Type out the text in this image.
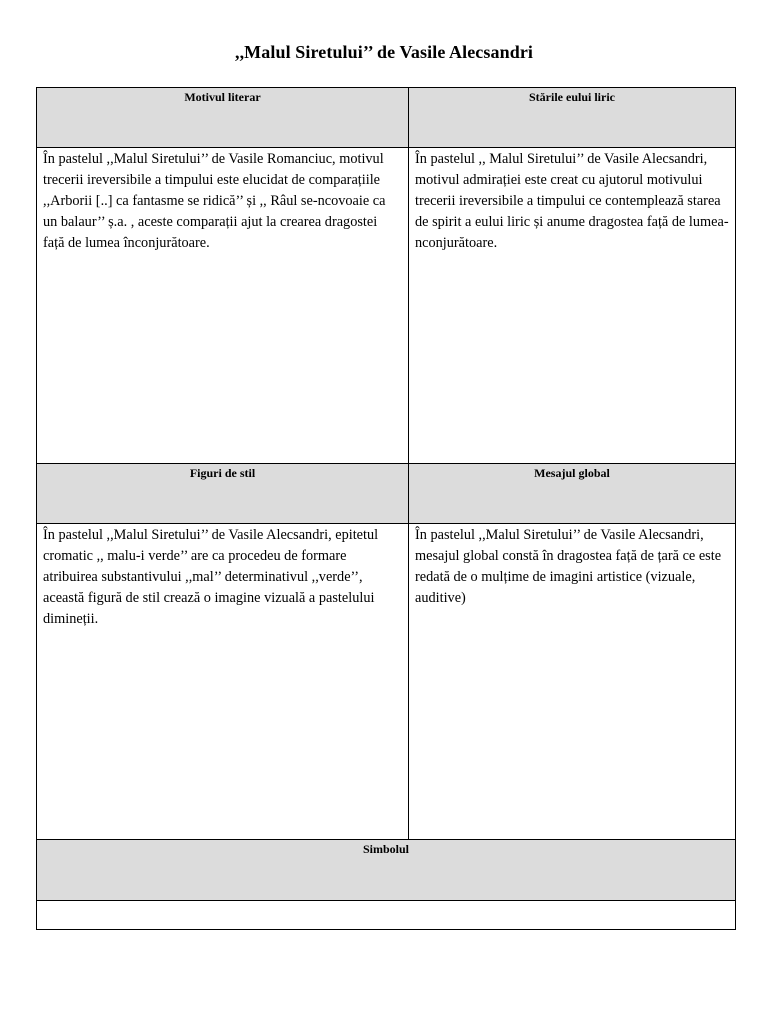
,,Malul Siretului’’ de Vasile Alecsandri
Motivul literar	Stările eului liric
În pastelul ,,Malul Siretului’’ de Vasile Romanciuc, motivul trecerii ireversibile a timpului este elucidat de comparațiile ,,Arborii [..] ca fantasme se ridică’’ și ,, Râul se-ncovoaie ca un balaur’’ ș.a. , aceste comparații ajut la crearea dragostei față de lumea înconjurătoare.
În pastelul ,, Malul Siretului’’ de Vasile Alecsandri, motivul admirației este creat cu ajutorul motivului trecerii ireversibile a timpului ce contemplează starea de spirit a eului liric și anume dragostea față de lumea-nconjurătoare.
Figuri de stil	Mesajul global
În pastelul ,,Malul Siretului’’ de Vasile Alecsandri, epitetul cromatic ,, malu-i verde’’ are ca procedeu de formare atribuirea substantivului ,,mal’’ determinativul ,,verde’’, această figură de stil crează o imagine vizuală a pastelului dimineții.
În pastelul ,,Malul Siretului’’ de Vasile Alecsandri, mesajul global constă în dragostea față de țară ce este redată de o mulțime de imagini artistice (vizuale, auditive)
Simbolul
